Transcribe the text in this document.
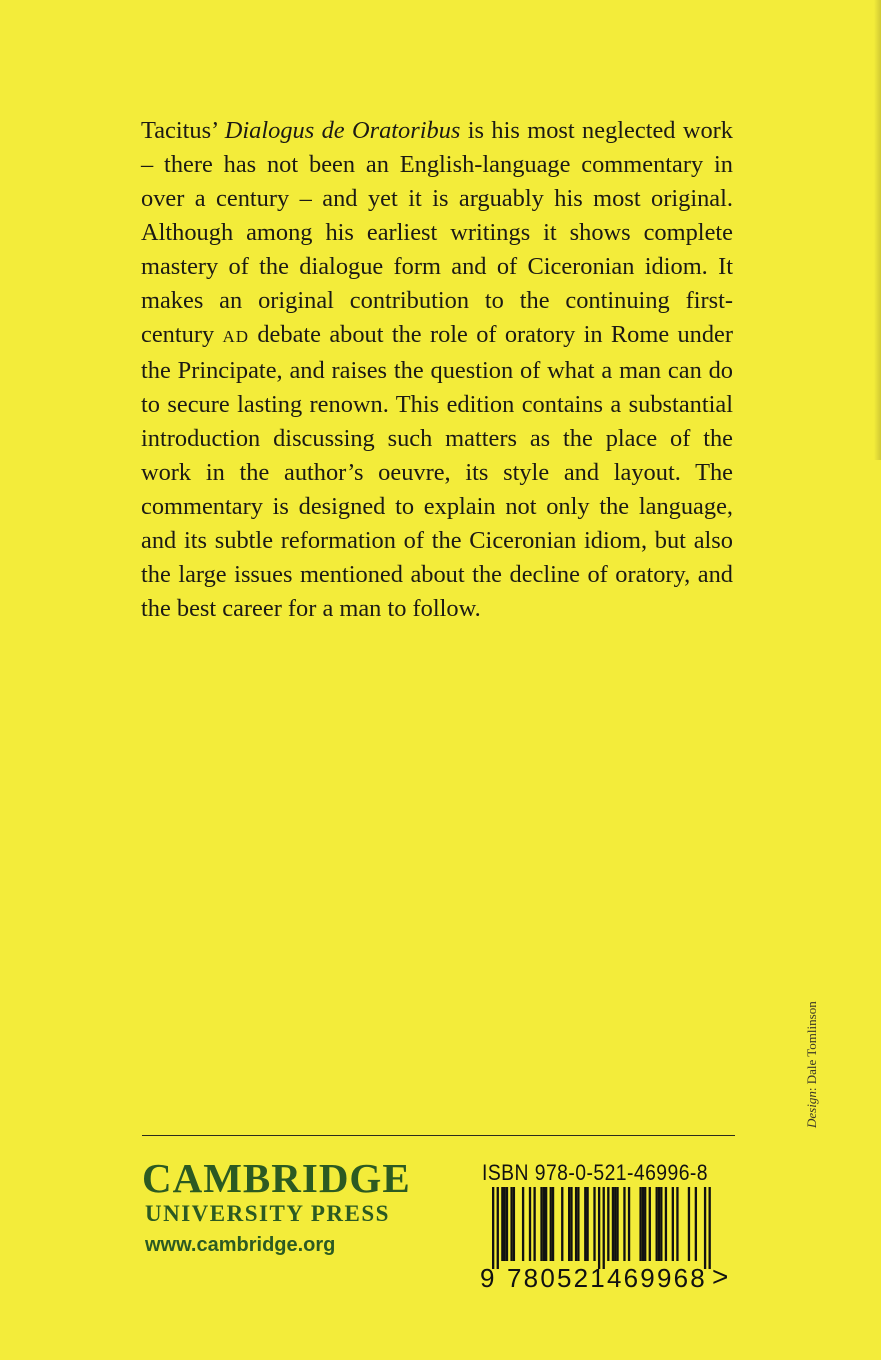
Tacitus’ Dialogus de Oratoribus is his most neglected work – there has not been an English-language commentary in over a century – and yet it is arguably his most original. Although among his earliest writings it shows complete mastery of the dialogue form and of Ciceronian idiom. It makes an original contribution to the continuing first-century AD debate about the role of oratory in Rome under the Principate, and raises the question of what a man can do to secure lasting renown. This edition contains a substantial introduction discussing such matters as the place of the work in the author’s oeuvre, its style and layout. The commentary is designed to explain not only the language, and its subtle reformation of the Ciceronian idiom, but also the large issues mentioned about the decline of oratory, and the best career for a man to follow.

Design: Dale Tomlinson
CAMBRIDGE
UNIVERSITY PRESS
www.cambridge.org
ISBN 978-0-521-46996-8
9 780521469968 >
